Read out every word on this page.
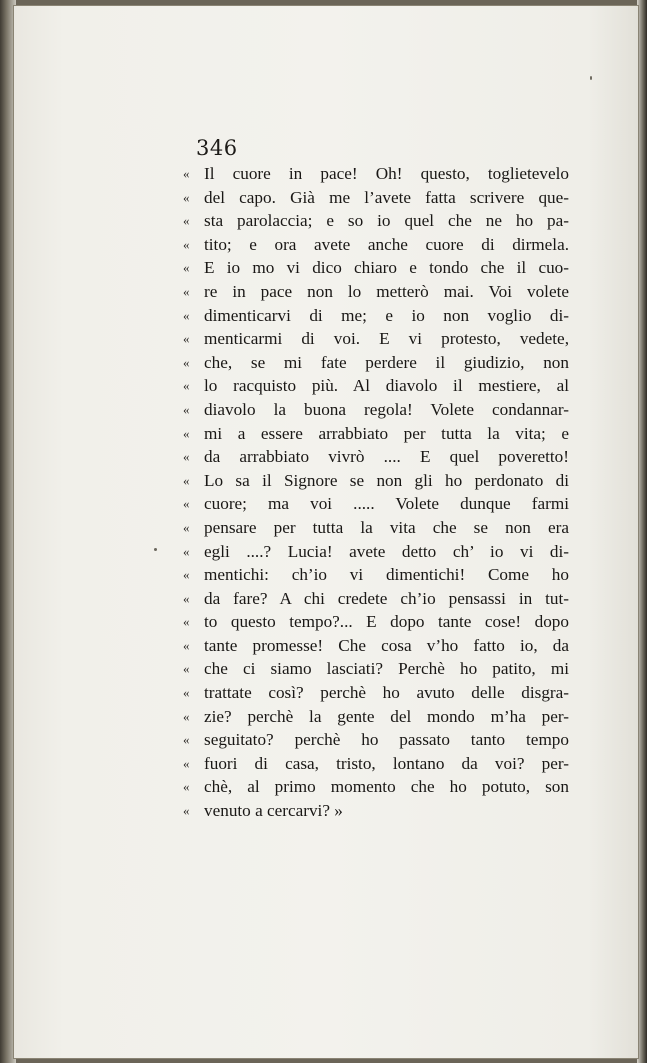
346
« Il cuore in pace! Oh! questo, toglietevelo
« del capo. Già me l’avete fatta scrivere que-
« sta parolaccia; e so io quel che ne ho pa-
« tito; e ora avete anche cuore di dirmela.
« E io mo vi dico chiaro e tondo che il cuo-
« re in pace non lo metterò mai. Voi volete
« dimenticarvi di me; e io non voglio di-
« menticarmi di voi. E vi protesto, vedete,
« che, se mi fate perdere il giudizio, non
« lo racquisto più. Al diavolo il mestiere, al
« diavolo la buona regola! Volete condannar-
« mi a essere arrabbiato per tutta la vita; e
« da arrabbiato vivrò .... E quel poveretto!
« Lo sa il Signore se non gli ho perdonato di
« cuore; ma voi ..... Volete dunque farmi
« pensare per tutta la vita che se non era
« egli ....? Lucia! avete detto ch’ io vi di-
« mentichi: ch’io vi dimentichi! Come ho
« da fare? A chi credete ch’io pensassi in tut-
« to questo tempo?... E dopo tante cose! dopo
« tante promesse! Che cosa v’ho fatto io, da
« che ci siamo lasciati? Perchè ho patito, mi
« trattate così? perchè ho avuto delle disgra-
« zie? perchè la gente del mondo m’ha per-
« seguitato? perchè ho passato tanto tempo
« fuori di casa, tristo, lontano da voi? per-
« chè, al primo momento che ho potuto, son
« venuto a cercarvi? »
